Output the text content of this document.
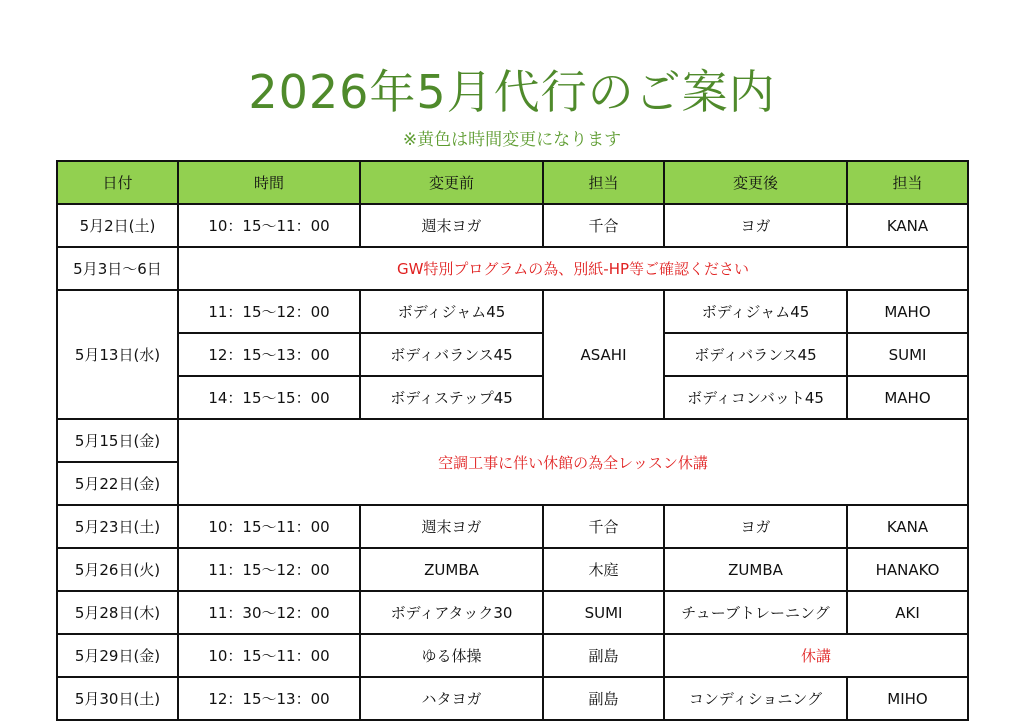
2026年5月代行のご案内
※黄色は時間変更になります
日付	時間	変更前	担当	変更後	担当
5月2日(土)	10：15〜11：00	週末ヨガ	千合	ヨガ	KANA
5月3日〜6日	GW特別プログラムの為、別紙-HP等ご確認ください				
5月13日(水)	11：15〜12：00	ボディジャム45	ASAHI	ボディジャム45	MAHO
	12：15〜13：00	ボディバランス45		ボディバランス45	SUMI
	14：15〜15：00	ボディステップ45		ボディコンバット45	MAHO
5月15日(金)	空調工事に伴い休館の為全レッスン休講				
5月22日(金)					
5月23日(土)	10：15〜11：00	週末ヨガ	千合	ヨガ	KANA
5月26日(火)	11：15〜12：00	ZUMBA	木庭	ZUMBA	HANAKO
5月28日(木)	11：30〜12：00	ボディアタック30	SUMI	チューブトレーニング	AKI
5月29日(金)	10：15〜11：00	ゆる体操	副島	休講	
5月30日(土)	12：15〜13：00	ハタヨガ	副島	コンディショニング	MIHO
